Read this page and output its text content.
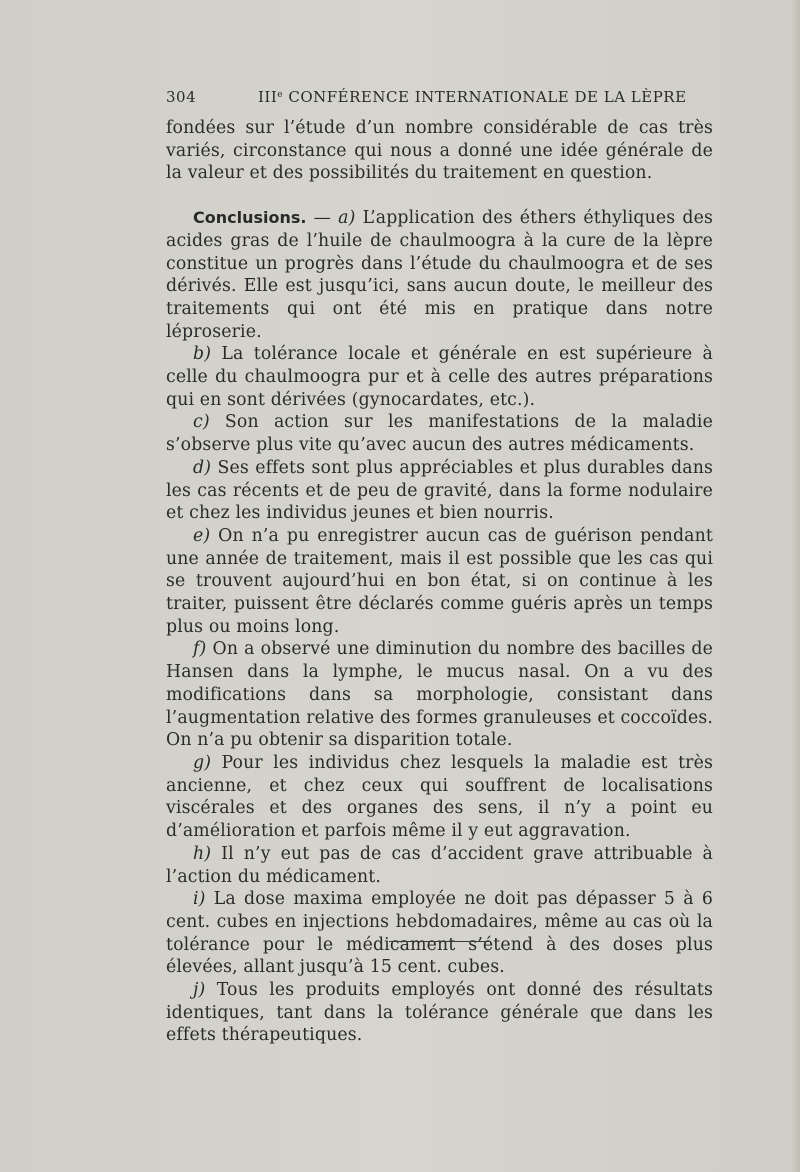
304	IIIe CONFÉRENCE INTERNATIONALE DE LA LÈPRE

fondées sur l’étude d’un nombre considérable de cas très variés, circonstance qui nous a donné une idée générale de la valeur et des possibilités du traitement en question.

Conclusions. — a) L’application des éthers éthyliques des acides gras de l’huile de chaulmoogra à la cure de la lèpre constitue un progrès dans l’étude du chaulmoogra et de ses dérivés. Elle est jusqu’ici, sans aucun doute, le meilleur des traitements qui ont été mis en pratique dans notre léproserie.

b) La tolérance locale et générale en est supérieure à celle du chaulmoogra pur et à celle des autres préparations qui en sont dérivées (gynocardates, etc.).

c) Son action sur les manifestations de la maladie s’observe plus vite qu’avec aucun des autres médicaments.

d) Ses effets sont plus appréciables et plus durables dans les cas récents et de peu de gravité, dans la forme nodulaire et chez les individus jeunes et bien nourris.

e) On n’a pu enregistrer aucun cas de guérison pendant une année de traitement, mais il est possible que les cas qui se trouvent aujourd’hui en bon état, si on continue à les traiter, puissent être déclarés comme guéris après un temps plus ou moins long.

f) On a observé une diminution du nombre des bacilles de Hansen dans la lymphe, le mucus nasal. On a vu des modifications dans sa morphologie, consistant dans l’augmentation relative des formes granuleuses et coccoïdes. On n’a pu obtenir sa disparition totale.

g) Pour les individus chez lesquels la maladie est très ancienne, et chez ceux qui souffrent de localisations viscérales et des organes des sens, il n’y a point eu d’amélioration et parfois même il y eut aggravation.

h) Il n’y eut pas de cas d’accident grave attribuable à l’action du médicament.

i) La dose maxima employée ne doit pas dépasser 5 à 6 cent. cubes en injections hebdomadaires, même au cas où la tolérance pour le médicament s’étend à des doses plus élevées, allant jusqu’à 15 cent. cubes.

j) Tous les produits employés ont donné des résultats identiques, tant dans la tolérance générale que dans les effets thérapeutiques.
